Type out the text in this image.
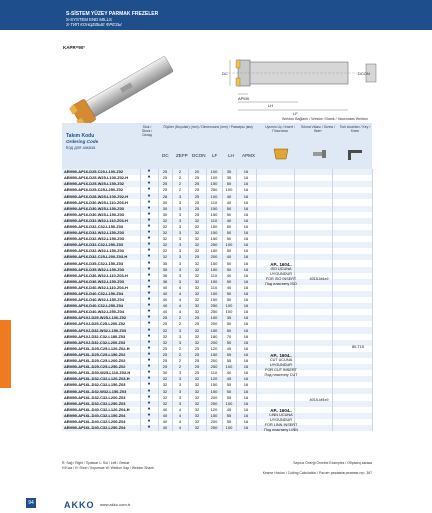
S-SİSTEM YÜZEY PARMAK FREZELER
S-SYSTEM END MILLS
S-ТИП КОНЦЕВЫЕ ФРЕЗЫ
KAPR=90°
DC
APMX
LH
LF
DCON
Takım Kodu
Ordering Code
Код для заказа
Stok / Stock / Склад
Ölçüler (Boyutlar) (mm) / Dimensions (mm) / Размеры (мм)	Uyumlu Uç / Insert / Пластина
Sıkma Vidası / Screw / Винт
Tork Anahtarı / Key / Ключ
DC ZEFP DCON LF LH APMX
Weldon Bağlantı / Weldon Shank / Хвостовик Weldon
AEM90-AP16-D25-C20-L100-Z02	●	25	2	20	100	35	16			
AEM90-AP16-D25-W25-L100-Z02-H	●	25	2	25	100	35	16			
AEM90-AP16-D25-W25-L150-Z02	●	25	2	25	150	50	16			
AEM90-AP16-D25-C25-L250-Z02	●	25	2	25	250	100	16			
AEM90-AP16-D28-W25-L100-Z02-H	●	28	3	25	100	40	16			
AEM90-AP16-D30-W25-L110-Z03-H	●	30	3	25	110	40	16			
AEM90-AP16-D30-W25-L150-Z03	●	30	3	25	150	50	16			
AEM90-AP16-D30-W25-L150-Z03	●	30	3	25	150	50	16			
AEM90-AP16-D32-W32-L110-Z03-H	●	32	3	32	110	40	16			
AEM90-AP16-D32-C32-L150-Z03	●	32	3	32	150	50	16			
AEM90-AP16-D32-W32-L150-Z03	●	32	3	32	150	50	16			
AEM90-AP16-D32-W32-L150-Z03	●	32	3	32	150	50	16			
AEM90-AP16-D32-C32-L250-Z03	●	32	3	32	250	100	16			
AEM90-AP16-D32-W32-L150-Z03	●	32	3	32	150	50	16			
AEM90-AP16-D32-C25-L200-Z03-H	●	32	3	25	200	40	16			
AEM90-AP16-D35-C32-L150-Z03	●	35	3	32	150	50	16			
AEM90-AP16-D35-W32-L150-Z03	●	35	3	32	150	50	16			
AEM90-AP16-D36-W32-L110-Z03-H	●	36	3	32	110	40	16			
AEM90-AP16-D36-W32-L150-Z03	●	36	3	32	150	50	16			
AEM90-AP16-D40-W32-L110-Z04-H	●	40	4	32	110	40	16			
AEM90-AP16-D40-C32-L150-Z04	●	40	4	32	150	50	16			
AEM90-AP16-D40-W32-L150-Z04	●	40	4	32	150	50	16			
AEM90-AP16-D40-C32-L250-Z04	●	40	4	32	250	100	16			
AEM90-AP16-D40-W32-L250-Z04	●	40	4	32	250	100	16			
AEM90-AP10J-D25-W25-L100-Z02	●	25	2	25	100	35	16			
AEM90-AP10J-D25-C25-L200-Z02	●	25	2	25	200	50	16			
AEM90-AP10J-D32-W32-L150-Z03	●	32	3	32	150	50	16			
AEM90-AP10J-D32-C32-L180-Z03	●	32	3	32	180	70	16			
AEM90-AP10J-D32-C32-L200-Z03	●	32	3	32	200	50	16			
AEM90-AP16L-D25-C25-L120-Z02-H	●	25	2	25	120	45	16			
AEM90-AP16L-D25-C25-L150-Z02	●	25	2	25	150	55	16			
AEM90-AP16L-D25-C25-L200-Z02	●	25	2	25	200	55	16			
AEM90-AP16L-D25-C25-L250-Z02	●	25	2	25	250	100	16			
AEM90-AP16L-D30-W25-L110-Z03-H	●	30	3	25	110	40	16			
AEM90-AP16L-D32-C32-L120-Z03-H	●	32	3	32	120	45	16			
AEM90-AP16L-D32-C32-L150-Z03	●	32	3	32	150	55	16			
AEM90-AP16L-D32-W32-L150-Z03	●	32	3	32	150	50	16			
AEM90-AP16L-D32-C32-L200-Z03	●	32	3	32	200	55	16			
AEM90-AP16L-D32-C32-L250-Z03	●	32	3	32	250	100	16			
AEM90-AP16L-D40-C32-L120-Z04-H	●	40	4	32	120	45	16			
AEM90-AP16L-D40-C32-L150-Z04	●	40	4	32	150	55	16			
AEM90-AP16L-D40-C32-L200-Z04	●	40	4	32	200	55	16			
AEM90-AP16L-D40-C32-L250-Z04	●	40	4	32	250	100	16			
AP.. 1604..
ISO UCUNA
UYGUNDUR
FOR ISO INSERT
Под пластину ISO
4015-M4x9
80-T15
AP.. 1604..
CUT UCUNA
UYGUNDUR
FOR CUT INSERT
Под пластину CUT
4015-M4x9
AP.. 1604..
LINN UCUNA
UYGUNDUR
FOR LINN INSERT
Под пластину LINN
R: Sağ / Right / Правые L: Sol / Left / Левые
H:Kısa / H: Short / Короткие W: Weldon Sap / Weldon Shank
Sayısız Önerği Örnekte Examples / Образец заказа
Kesme Hızıları / Cutting Calculation / Расчет режимов резания стр. 367
94	AKKO www.akko.com.tr
